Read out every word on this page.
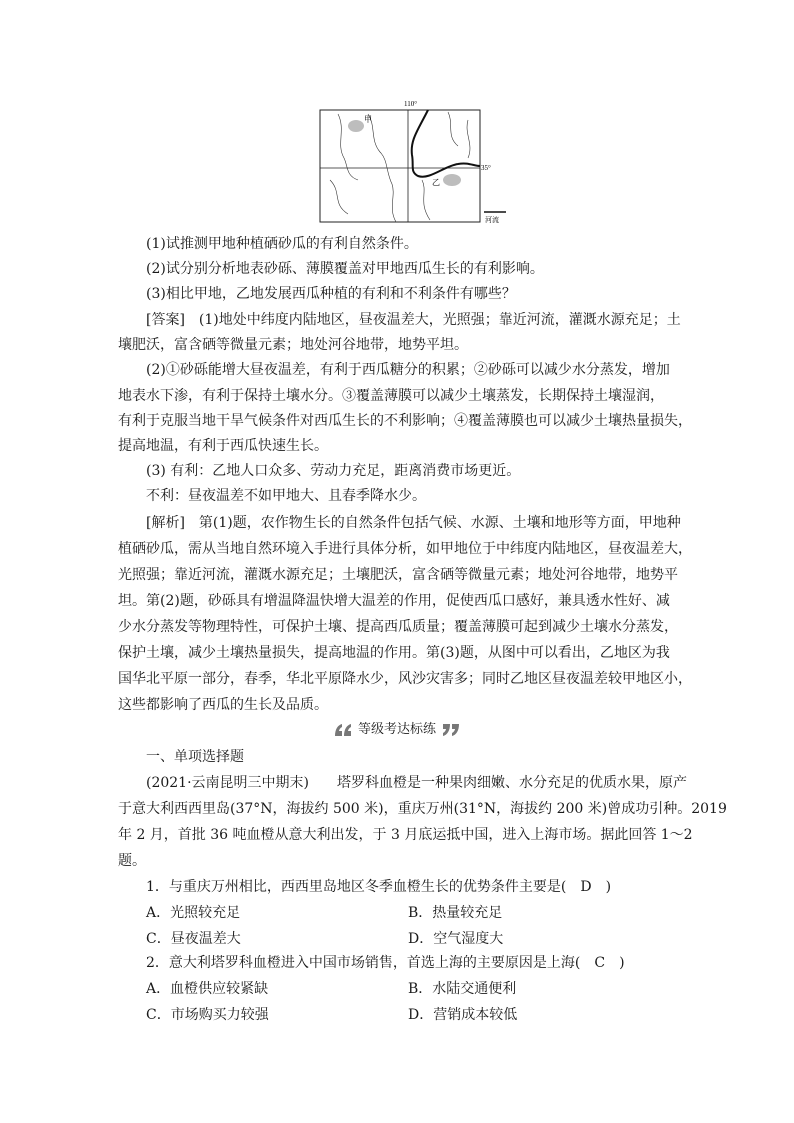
110°
35°
甲
乙
河流
(1)试推测甲地种植硒砂瓜的有利自然条件。
(2)试分别分析地表砂砾、薄膜覆盖对甲地西瓜生长的有利影响。
(3)相比甲地，乙地发展西瓜种植的有利和不利条件有哪些？
[答案]　(1)地处中纬度内陆地区，昼夜温差大，光照强；靠近河流，灌溉水源充足；土
壤肥沃，富含硒等微量元素；地处河谷地带，地势平坦。
(2)①砂砾能增大昼夜温差，有利于西瓜糖分的积累；②砂砾可以减少水分蒸发，增加
地表水下渗，有利于保持土壤水分。③覆盖薄膜可以减少土壤蒸发，长期保持土壤湿润，
有利于克服当地干旱气候条件对西瓜生长的不利影响；④覆盖薄膜也可以减少土壤热量损失，
提高地温，有利于西瓜快速生长。
(3) 有利：乙地人口众多、劳动力充足，距离消费市场更近。
不利：昼夜温差不如甲地大、且春季降水少。
[解析]　第(1)题，农作物生长的自然条件包括气候、水源、土壤和地形等方面，甲地种
植硒砂瓜，需从当地自然环境入手进行具体分析，如甲地位于中纬度内陆地区，昼夜温差大，
光照强；靠近河流，灌溉水源充足；土壤肥沃，富含硒等微量元素；地处河谷地带，地势平
坦。第(2)题，砂砾具有增温降温快增大温差的作用，促使西瓜口感好，兼具透水性好、减
少水分蒸发等物理特性，可保护土壤、提高西瓜质量；覆盖薄膜可起到减少土壤水分蒸发，
保护土壤，减少土壤热量损失，提高地温的作用。第(3)题，从图中可以看出，乙地区为我
国华北平原一部分，春季，华北平原降水少，风沙灾害多；同时乙地区昼夜温差较甲地区小，
这些都影响了西瓜的生长及品质。
等级考达标练
一、单项选择题
(2021·云南昆明三中期末)　　塔罗科血橙是一种果肉细嫩、水分充足的优质水果，原产
于意大利西西里岛(37°N，海拔约 500 米)，重庆万州(31°N，海拔约 200 米)曾成功引种。2019
年 2 月，首批 36 吨血橙从意大利出发，于 3 月底运抵中国，进入上海市场。据此回答 1～2
题。
1．与重庆万州相比，西西里岛地区冬季血橙生长的优势条件主要是(　D　)
A．光照较充足	B．热量较充足
C．昼夜温差大	D．空气湿度大
2．意大利塔罗科血橙进入中国市场销售，首选上海的主要原因是上海(　C　)
A．血橙供应较紧缺	B．水陆交通便利
C．市场购买力较强	D．营销成本较低
